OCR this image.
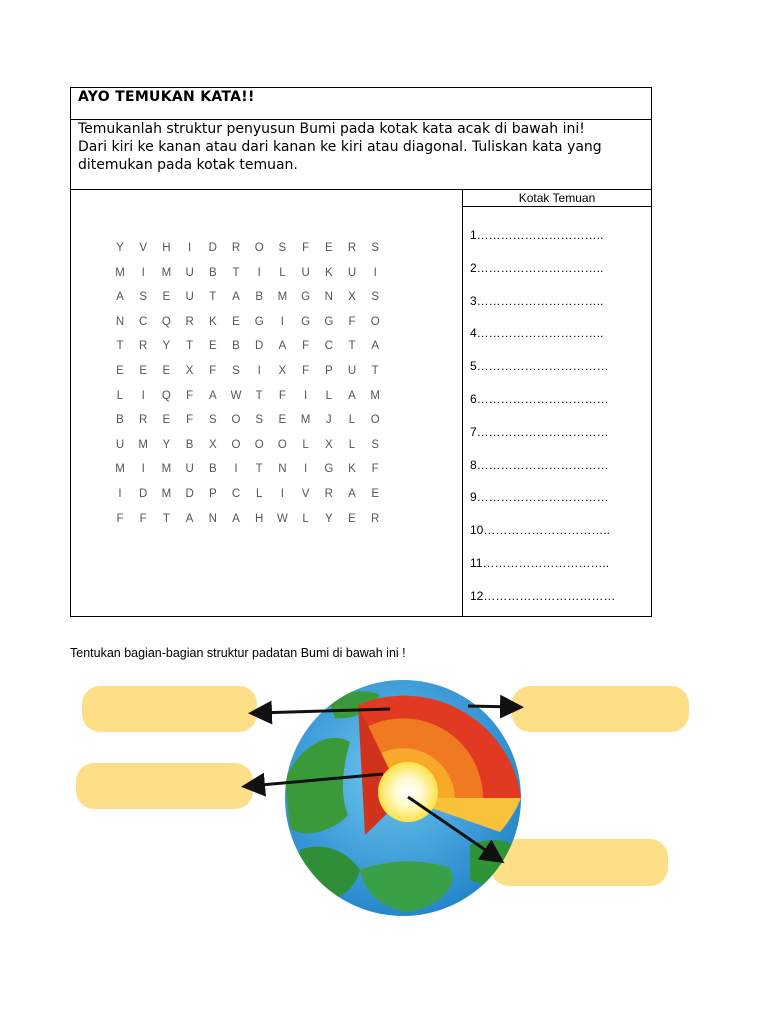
AYO TEMUKAN KATA!!

Temukanlah struktur penyusun Bumi pada kotak kata acak di bawah ini!
Dari kiri ke kanan atau dari kanan ke kiri atau diagonal. Tuliskan kata yang
ditemukan pada kotak temuan.

Kotak Temuan
Y	V	H	I	D	R	O	S	F	E	R	S
M	I	M	U	B	T	I	L	U	K	U	I
A	S	E	U	T	A	B	M	G	N	X	S
N	C	Q	R	K	E	G	I	G	G	F	O
T	R	Y	T	E	B	D	A	F	C	T	A
E	E	E	X	F	S	I	X	F	P	U	T
L	I	Q	F	A	W	T	F	I	L	A	M
B	R	E	F	S	O	S	E	M	J	L	O
U	M	Y	B	X	O	O	O	L	X	L	S
M	I	M	U	B	I	T	N	I	G	K	F
I	D	M	D	P	C	L	I	V	R	A	E
F	F	T	A	N	A	H	W	L	Y	E	R
1…………………………..
2…………………………..
3…………………………..
4…………………………..
5……………………………
6……………………………
7……………………………
8……………………………
9……………………………
10…………………………..
11…………………………..
12……………………………
Tentukan bagian-bagian struktur padatan Bumi di bawah ini !
